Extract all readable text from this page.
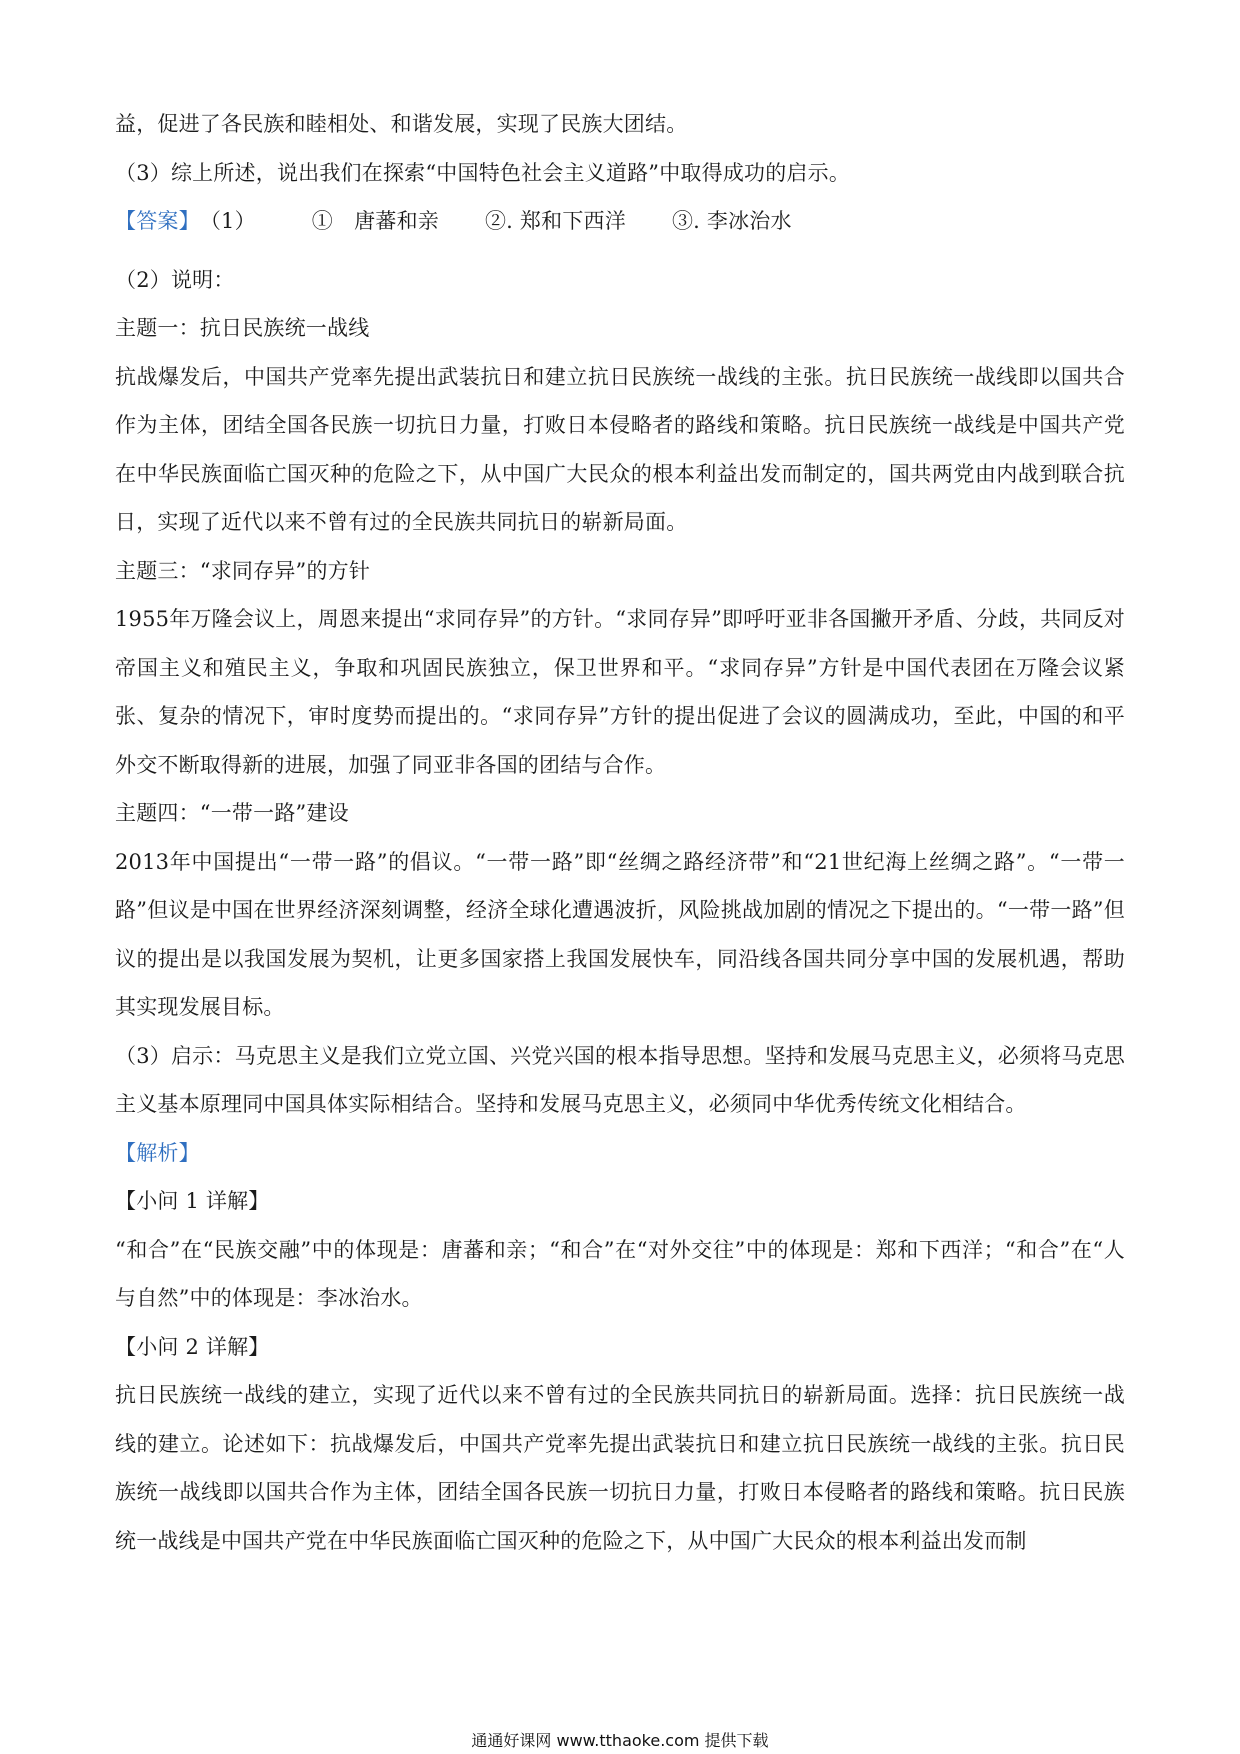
益，促进了各民族和睦相处、和谐发展，实现了民族大团结。
（3）综上所述，说出我们在探索“中国特色社会主义道路”中取得成功的启示。
【答案】 （1）	①　唐蕃和亲 ②. 郑和下西洋 ③. 李冰治水
（2）说明：
主题一：抗日民族统一战线
抗战爆发后，中国共产党率先提出武装抗日和建立抗日民族统一战线的主张。抗日民族统一战线即以国共合作为主体，团结全国各民族一切抗日力量，打败日本侵略者的路线和策略。抗日民族统一战线是中国共产党在中华民族面临亡国灭种的危险之下，从中国广大民众的根本利益出发而制定的，国共两党由内战到联合抗日，实现了近代以来不曾有过的全民族共同抗日的崭新局面。
主题三：“求同存异”的方针
1955年万隆会议上，周恩来提出“求同存异”的方针。“求同存异”即呼吁亚非各国撇开矛盾、分歧，共同反对帝国主义和殖民主义，争取和巩固民族独立，保卫世界和平。“求同存异”方针是中国代表团在万隆会议紧张、复杂的情况下，审时度势而提出的。“求同存异”方针的提出促进了会议的圆满成功，至此，中国的和平外交不断取得新的进展，加强了同亚非各国的团结与合作。
主题四：“一带一路”建设
2013年中国提出“一带一路”的倡议。“一带一路”即“丝绸之路经济带”和“21世纪海上丝绸之路”。“一带一路”但议是中国在世界经济深刻调整，经济全球化遭遇波折，风险挑战加剧的情况之下提出的。“一带一路”但议的提出是以我国发展为契机，让更多国家搭上我国发展快车，同沿线各国共同分享中国的发展机遇，帮助其实现发展目标。
（3）启示：马克思主义是我们立党立国、兴党兴国的根本指导思想。坚持和发展马克思主义，必须将马克思主义基本原理同中国具体实际相结合。坚持和发展马克思主义，必须同中华优秀传统文化相结合。
【解析】
【小问 1 详解】
“和合”在“民族交融”中的体现是：唐蕃和亲；“和合”在“对外交往”中的体现是：郑和下西洋；“和合”在“人与自然”中的体现是：李冰治水。
【小问 2 详解】
抗日民族统一战线的建立，实现了近代以来不曾有过的全民族共同抗日的崭新局面。选择：抗日民族统一战线的建立。论述如下：抗战爆发后，中国共产党率先提出武装抗日和建立抗日民族统一战线的主张。抗日民族统一战线即以国共合作为主体，团结全国各民族一切抗日力量，打败日本侵略者的路线和策略。抗日民族统一战线是中国共产党在中华民族面临亡国灭种的危险之下，从中国广大民众的根本利益出发而制
通通好课网 www.tthaoke.com 提供下载
